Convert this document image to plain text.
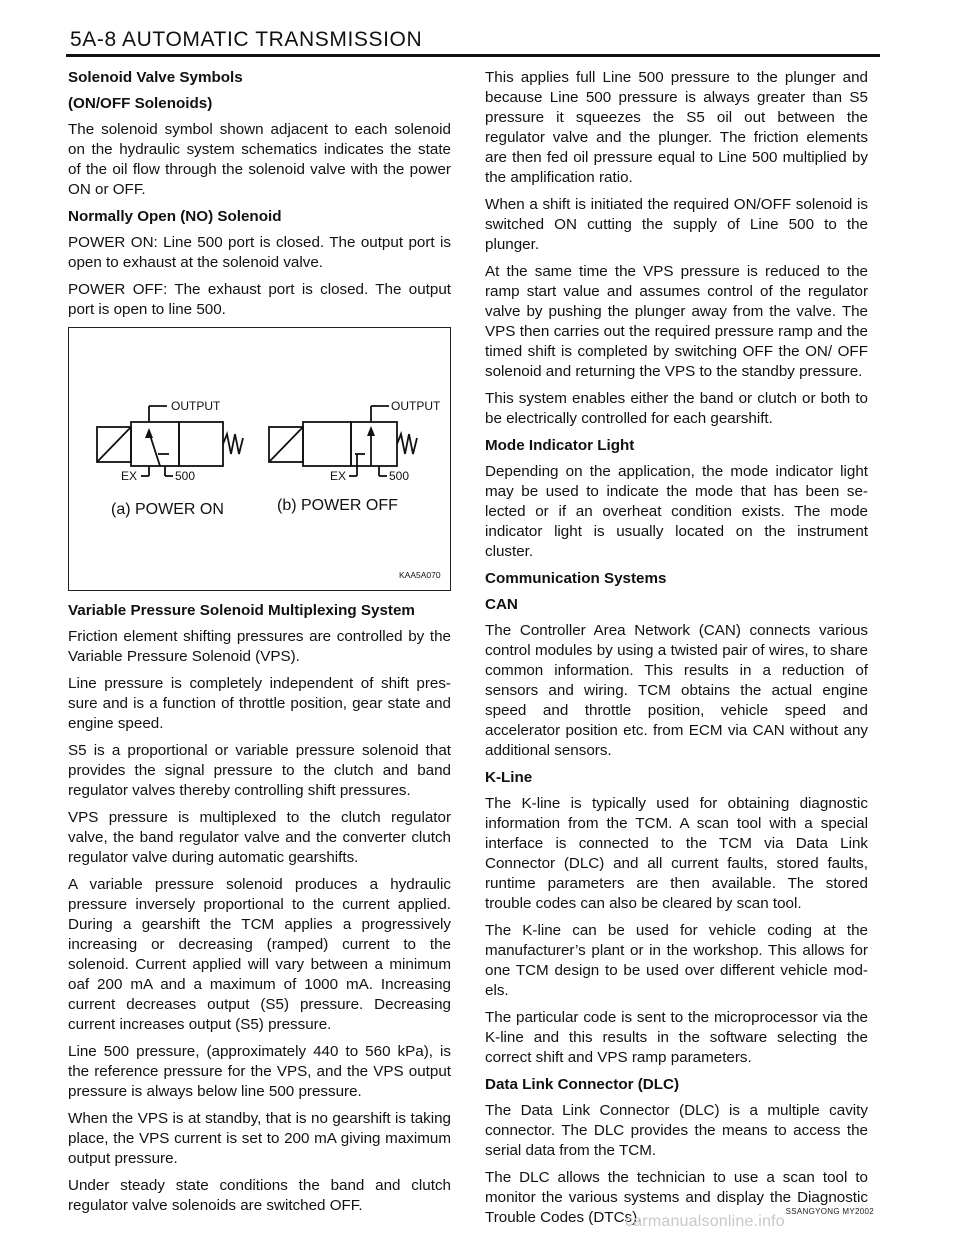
5A-8 AUTOMATIC TRANSMISSION
Solenoid Valve Symbols
(ON/OFF Solenoids)

The solenoid symbol shown adjacent to each solenoid on the hydraulic system schematics indicates the state of the oil flow through the solenoid valve with the power ON or OFF.

Normally Open (NO) Solenoid

POWER ON: Line 500 port is closed. The output port is open to exhaust at the solenoid valve.

POWER OFF: The exhaust port is closed. The output port is open to line 500.

OUTPUT	OUTPUT
EX	500	EX	500
(a) POWER ON	(b) POWER OFF
KAA5A070
Variable Pressure Solenoid Multiplexing System

Friction element shifting pressures are controlled by the Variable Pressure Solenoid (VPS).

Line pressure is completely independent of shift pres-sure and is a function of throttle position, gear state and engine speed.

S5 is a proportional or variable pressure solenoid that provides the signal pressure to the clutch and band regulator valves thereby controlling shift pressures.

VPS pressure is multiplexed to the clutch regulator valve, the band regulator valve and the converter clutch regulator valve during automatic gearshifts.

A variable pressure solenoid produces a hydraulic pressure inversely proportional to the current applied. During a gearshift the TCM applies a progressively increasing or decreasing (ramped) current to the solenoid. Current applied will vary between a minimum oaf 200 mA and a maximum of 1000 mA. Increasing current decreases output (S5) pressure. Decreasing current increases output (S5) pressure.

Line 500 pressure, (approximately 440 to 560 kPa), is the reference pressure for the VPS, and the VPS output pressure is always below line 500 pressure.

When the VPS is at standby, that is no gearshift is taking place, the VPS current is set to 200 mA giving maximum output pressure.

Under steady state conditions the band and clutch regulator valve solenoids are switched OFF.

This applies full Line 500 pressure to the plunger and because Line 500 pressure is always greater than S5 pressure it squeezes the S5 oil out between the regulator valve and the plunger. The friction elements are then fed oil pressure equal to Line 500 multiplied by the amplification ratio.

When a shift is initiated the required ON/OFF solenoid is switched ON cutting the supply of Line 500 to the plunger.

At the same time the VPS pressure is reduced to the ramp start value and assumes control of the regulator valve by pushing the plunger away from the valve. The VPS then carries out the required pressure ramp and the timed shift is completed by switching OFF the ON/ OFF solenoid and returning the VPS to the standby pressure.

This system enables either the band or clutch or both to be electrically controlled for each gearshift.

Mode Indicator Light

Depending on the application, the mode indicator light may be used to indicate the mode that has been se-lected or if an overheat condition exists. The mode indicator light is usually located on the instrument cluster.

Communication Systems
CAN

The Controller Area Network (CAN) connects various control modules by using a twisted pair of wires, to share common information. This results in a reduction of sensors and wiring. TCM obtains the actual engine speed and throttle position, vehicle speed and accelerator position etc. from ECM via CAN without any additional sensors.

K-Line

The K-line is typically used for obtaining diagnostic information from the TCM. A scan tool with a special interface is connected to the TCM via Data Link Connector (DLC) and all current faults, stored faults, runtime parameters are then available. The stored trouble codes can also be cleared by scan tool.

The K-line can be used for vehicle coding at the manufacturer’s plant or in the workshop. This allows for one TCM design to be used over different vehicle mod-els.

The particular code is sent to the microprocessor via the K-line and this results in the software selecting the correct shift and VPS ramp parameters.

Data Link Connector (DLC)

The Data Link Connector (DLC) is a multiple cavity connector. The DLC provides the means to access the serial data from the TCM.

The DLC allows the technician to use a scan tool to monitor the various systems and display the Diagnostic Trouble Codes (DTCs).	SSANGYONG MY2002
carmanualsonline.info
